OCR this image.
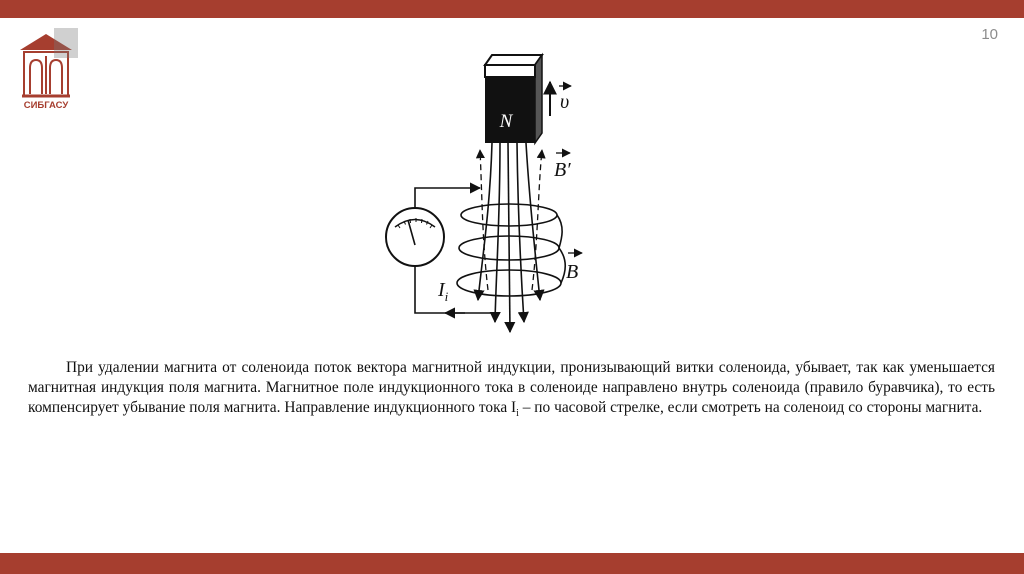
10
СИБГАСУ
N
υ
B′
B
$I_i$

При удалении магнита от соленоида поток вектора магнитной индукции, пронизывающий витки соленоида, убывает, так как уменьшается магнитная индукция поля магнита. Магнитное поле индукционного тока в соленоиде направлено внутрь соленоида (правило буравчика), то есть компенсирует убывание поля магнита. Направление индукционного тока $I_i$ – по часовой стрелке, если смотреть на соленоид со стороны магнита.
